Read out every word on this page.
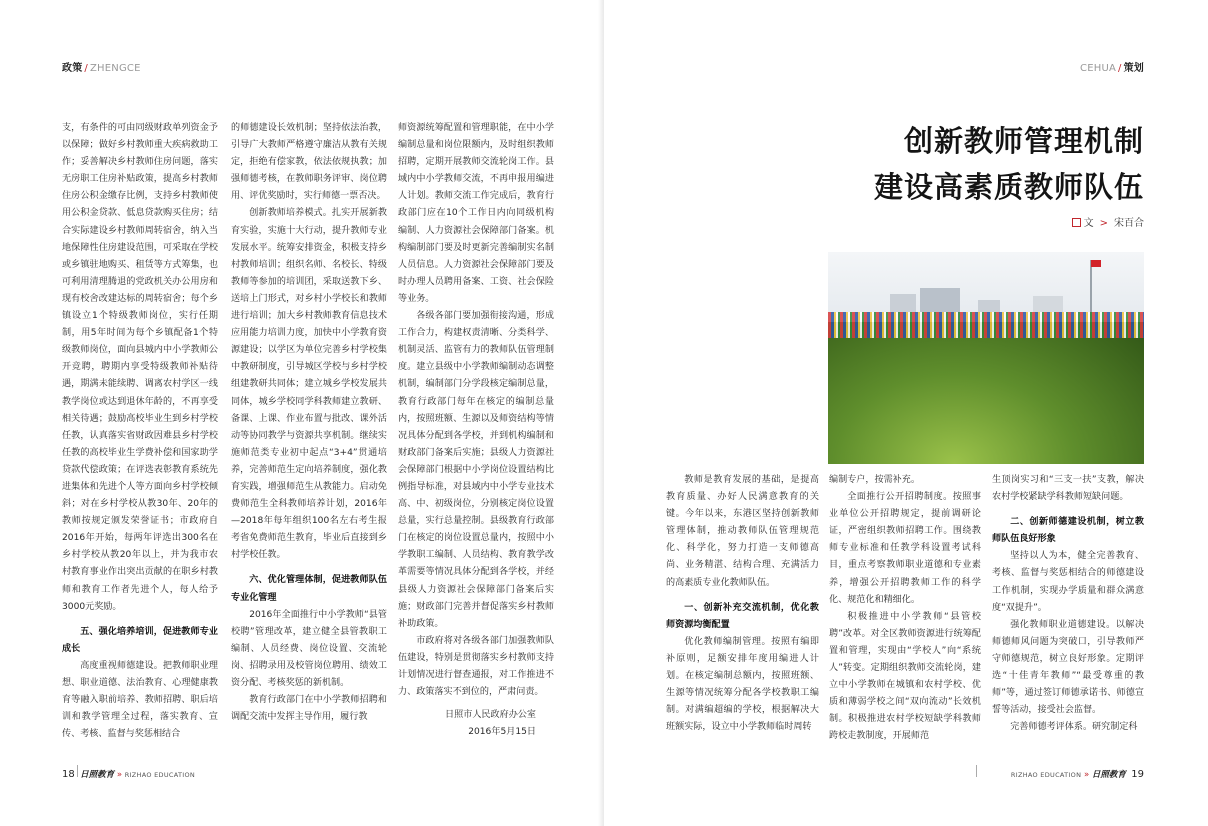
政策 / ZHENGCE

支，有条件的可由同级财政单列资金予以保障；做好乡村教师重大疾病救助工作；妥善解决乡村教师住房问题，落实无房职工住房补贴政策，提高乡村教师住房公积金缴存比例，支持乡村教师使用公积金贷款、低息贷款购买住房；结合实际建设乡村教师周转宿舍，纳入当地保障性住房建设范围，可采取在学校或乡镇驻地购买、租赁等方式筹集，也可利用清理腾退的党政机关办公用房和现有校舍改建达标的周转宿舍；每个乡镇设立1个特级教师岗位，实行任期制，用5年时间为每个乡镇配备1个特级教师岗位，面向县城内中小学教师公开竞聘，聘期内享受特级教师补贴待遇，期满未能续聘、调离农村学区一线教学岗位或达到退休年龄的，不再享受相关待遇；鼓励高校毕业生到乡村学校任教，认真落实省财政因难县乡村学校任教的高校毕业生学费补偿和国家助学贷款代偿政策；在评选表彰教育系统先进集体和先进个人等方面向乡村学校倾斜；对在乡村学校从教30年、20年的教师按规定颁发荣誉证书；市政府自2016年开始，每两年评选出300名在乡村学校从教20年以上，并为我市农村教育事业作出突出贡献的在职乡村教师和教育工作者先进个人，每人给予3000元奖励。

五、强化培养培训，促进教师专业成长

高度重视师德建设。把教师职业理想、职业道德、法治教育、心理健康教育等融入职前培养、教师招聘、职后培训和教学管理全过程，落实教育、宣传、考核、监督与奖惩相结合

的师德建设长效机制；坚持依法治教，引导广大教师严格遵守廉洁从教有关规定，拒绝有偿家教，依法依规执教；加强师德考核，在教师职务评审、岗位聘用、评优奖励时，实行师德一票否决。

创新教师培养模式。扎实开展新教育实验，实施十大行动，提升教师专业发展水平。统筹安排资金，积极支持乡村教师培训；组织名师、名校长、特级教师等参加的培训团，采取送教下乡、送培上门形式，对乡村小学校长和教师进行培训；加大乡村教师教育信息技术应用能力培训力度，加快中小学教育资源建设；以学区为单位完善乡村学校集中教研制度，引导城区学校与乡村学校组建教研共同体；建立城乡学校发展共同体，城乡学校同学科教师建立教研、备课、上课、作业布置与批改、课外活动等协同教学与资源共享机制。继续实施师范类专业初中起点“3+4”贯通培养，完善师范生定向培养制度，强化教育实践，增强师范生从教能力。启动免费师范生全科教师培养计划，2016年—2018年每年组织100名左右考生报考省免费师范生教育，毕业后直接到乡村学校任教。

六、优化管理体制，促进教师队伍专业化管理

2016年全面推行中小学教师“县管校聘”管理改革，建立健全县管教职工编制、人员经费、岗位设置、交流轮岗、招聘录用及校管岗位聘用、绩效工资分配、考核奖惩的新机制。

教育行政部门在中小学教师招聘和调配交流中发挥主导作用，履行教

师资源统筹配置和管理职能，在中小学编制总量和岗位限额内，及时组织教师招聘，定期开展教师交流轮岗工作。县域内中小学教师交流，不再申报用编进人计划。教师交流工作完成后，教育行政部门应在10个工作日内向同级机构编制、人力资源社会保障部门备案。机构编制部门要及时更新完善编制实名制人员信息。人力资源社会保障部门要及时办理人员聘用备案、工资、社会保险等业务。

各级各部门要加强衔接沟通，形成工作合力，构建权责清晰、分类科学、机制灵活、监管有力的教师队伍管理制度。建立县级中小学教师编制动态调整机制，编制部门分学段核定编制总量，教育行政部门每年在核定的编制总量内，按照班额、生源以及师资结构等情况具体分配到各学校，并到机构编制和财政部门备案后实施；县级人力资源社会保障部门根据中小学岗位设置结构比例指导标准，对县域内中小学专业技术高、中、初级岗位，分别核定岗位设置总量，实行总量控制。县级教育行政部门在核定的岗位设置总量内，按照中小学教职工编制、人员结构、教育教学改革需要等情况具体分配到各学校，并经县级人力资源社会保障部门备案后实施；财政部门完善并督促落实乡村教师补助政策。

市政府将对各级各部门加强教师队伍建设，特别是贯彻落实乡村教师支持计划情况进行督查通报，对工作推进不力、政策落实不到位的，严肃问责。

日照市人民政府办公室

2016年5月15日

18 日照教育 » RIZHAO EDUCATION
CEHUA / 策划
创新教师管理机制
建设高素质教师队伍
文 > 宋百合

教师是教育发展的基础，是提高教育质量、办好人民满意教育的关键。今年以来，东港区坚持创新教师管理体制，推动教师队伍管理规范化、科学化，努力打造一支师德高尚、业务精湛、结构合理、充满活力的高素质专业化教师队伍。

一、创新补充交流机制，优化教师资源均衡配置

优化教师编制管理。按照有编即补原则，足额安排年度用编进人计划。在核定编制总额内，按照班额、生源等情况统筹分配各学校教职工编制。对满编超编的学校，根据解决大班额实际，设立中小学教师临时周转

编制专户，按需补充。

全面推行公开招聘制度。按照事业单位公开招聘规定，提前调研论证，严密组织教师招聘工作。围绕教师专业标准和任教学科设置考试科目，重点考察教师职业道德和专业素养，增强公开招聘教师工作的科学化、规范化和精细化。

积极推进中小学教师“县管校聘”改革。对全区教师资源进行统筹配置和管理，实现由“学校人”向“系统人”转变。定期组织教师交流轮岗，建立中小学教师在城镇和农村学校、优质和薄弱学校之间“双向流动”长效机制。积极推进农村学校短缺学科教师跨校走教制度，开展师范

生顶岗实习和“三支一扶”支教，解决农村学校紧缺学科教师短缺问题。

二、创新师德建设机制，树立教师队伍良好形象

坚持以人为本，健全完善教育、考核、监督与奖惩相结合的师德建设工作机制，实现办学质量和群众满意度“双提升”。

强化教师职业道德建设。以解决师德师风问题为突破口，引导教师严守师德规范，树立良好形象。定期评选“十佳青年教师”“最受尊重的教师”等，通过签订师德承诺书、师德宣誓等活动，接受社会监督。

完善师德考评体系。研究制定科

RIZHAO EDUCATION » 日照教育 19
